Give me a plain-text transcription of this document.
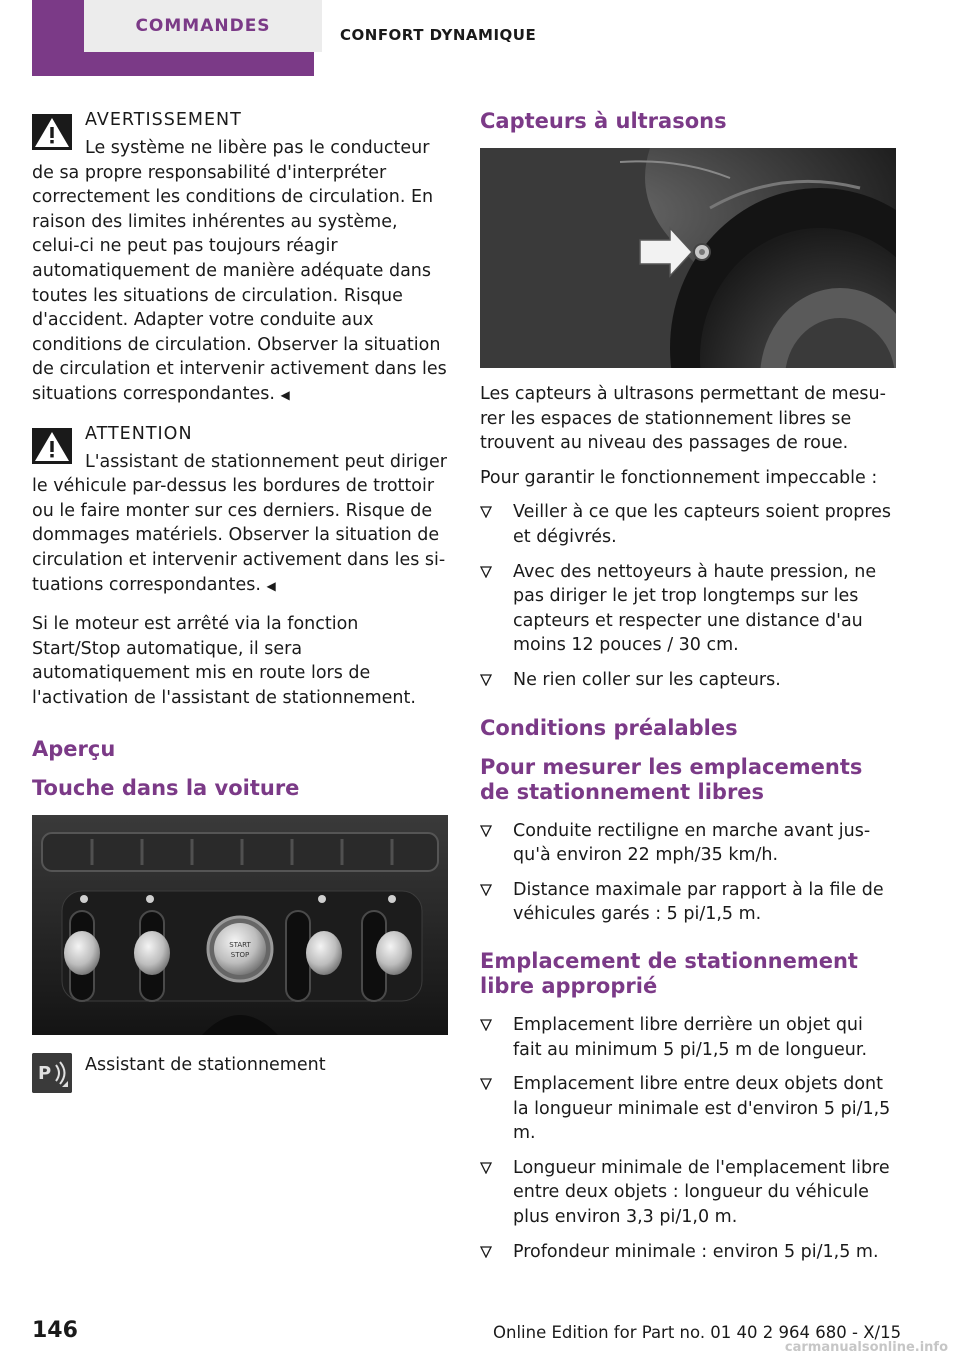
COMMANDES	CONFORT DYNAMIQUE
AVERTISSEMENT
Le système ne libère pas le conducteur de sa propre responsabilité d'interpréter correctement les conditions de circulation. En raison des limites inhérentes au système, celui-ci ne peut pas toujours réagir automatiquement de manière adéquate dans toutes les situations de circulation. Risque d'accident. Adapter votre conduite aux conditions de circulation. Observer la situation de circulation et intervenir activement dans les situations correspondantes. ◀
ATTENTION
L'assistant de stationnement peut diriger le véhicule par-dessus les bordures de trottoir ou le faire monter sur ces derniers. Risque de dommages matériels. Observer la situation de circulation et intervenir activement dans les situations correspondantes. ◀

Si le moteur est arrêté via la fonction Start/Stop automatique, il sera automatiquement mis en route lors de l'activation de l'assistant de stationnement.

Aperçu
Touche dans la voiture
START
STOP
P Assistant de stationnement
Capteurs à ultrasons

Les capteurs à ultrasons permettant de mesurer les espaces de stationnement libres se trouvent au niveau des passages de roue.

Pour garantir le fonctionnement impeccable :

Veiller à ce que les capteurs soient propres et dégivrés.
Avec des nettoyeurs à haute pression, ne pas diriger le jet trop longtemps sur les capteurs et respecter une distance d'au moins 12 pouces / 30 cm.
Ne rien coller sur les capteurs.
Conditions préalables
Pour mesurer les emplacements de stationnement libres
Conduite rectiligne en marche avant jusqu'à environ 22 mph/35 km/h.
Distance maximale par rapport à la file de véhicules garés : 5 pi/1,5 m.
Emplacement de stationnement libre approprié
Emplacement libre derrière un objet qui fait au minimum 5 pi/1,5 m de longueur.
Emplacement libre entre deux objets dont la longueur minimale est d'environ 5 pi/1,5 m.
Longueur minimale de l'emplacement libre entre deux objets : longueur du véhicule plus environ 3,3 pi/1,0 m.
Profondeur minimale : environ 5 pi/1,5 m.
146	Online Edition for Part no. 01 40 2 964 680 - X/15
carmanualsonline.info
